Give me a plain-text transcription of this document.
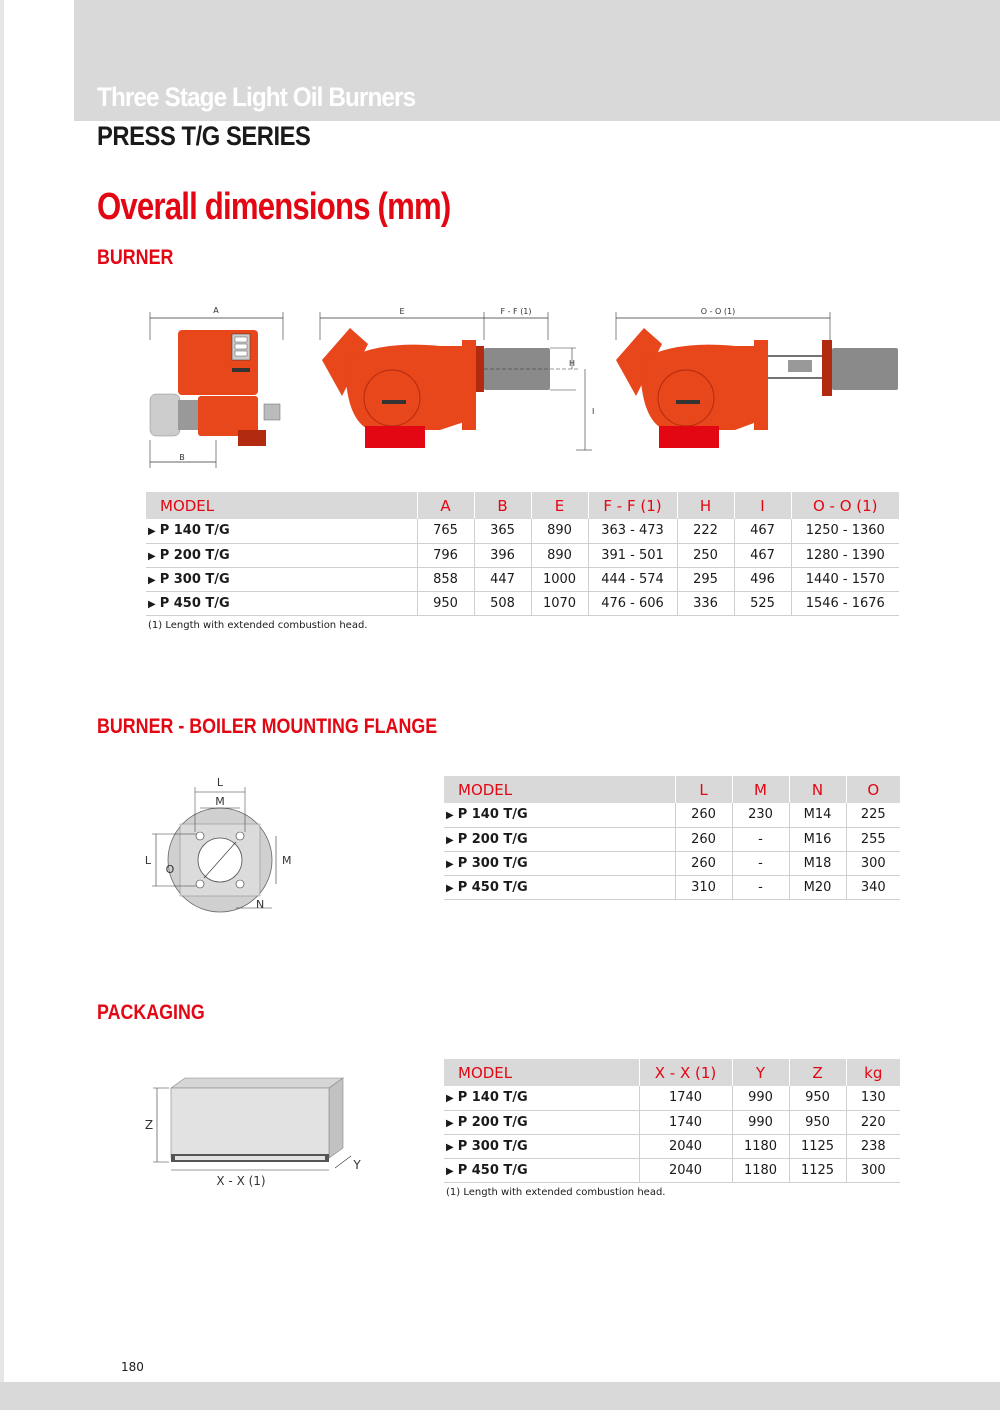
Three Stage Light Oil Burners
PRESS T/G SERIES
Overall dimensions (mm)
BURNER
A
B
E	F - F (1)
H
I
O - O (1)
MODEL	A	B	E	F - F (1)	H	I	O - O (1)
▶ P 140 T/G	765	365	890	363 - 473	222	467	1250 - 1360
▶ P 200 T/G	796	396	890	391 - 501	250	467	1280 - 1390
▶ P 300 T/G	858	447	1000	444 - 574	295	496	1440 - 1570
▶ P 450 T/G	950	508	1070	476 - 606	336	525	1546 - 1676
(1) Length with extended combustion head.
BURNER - BOILER MOUNTING FLANGE
L
M
L
O
M
N
MODEL	L	M	N	O
▶ P 140 T/G	260	230	M14	225
▶ P 200 T/G	260	-	M16	255
▶ P 300 T/G	260	-	M18	300
▶ P 450 T/G	310	-	M20	340
PACKAGING
Z
X - X (1)
Y
MODEL	X - X (1)	Y	Z	kg
▶ P 140 T/G	1740	990	950	130
▶ P 200 T/G	1740	990	950	220
▶ P 300 T/G	2040	1180	1125	238
▶ P 450 T/G	2040	1180	1125	300
(1) Length with extended combustion head.
180
